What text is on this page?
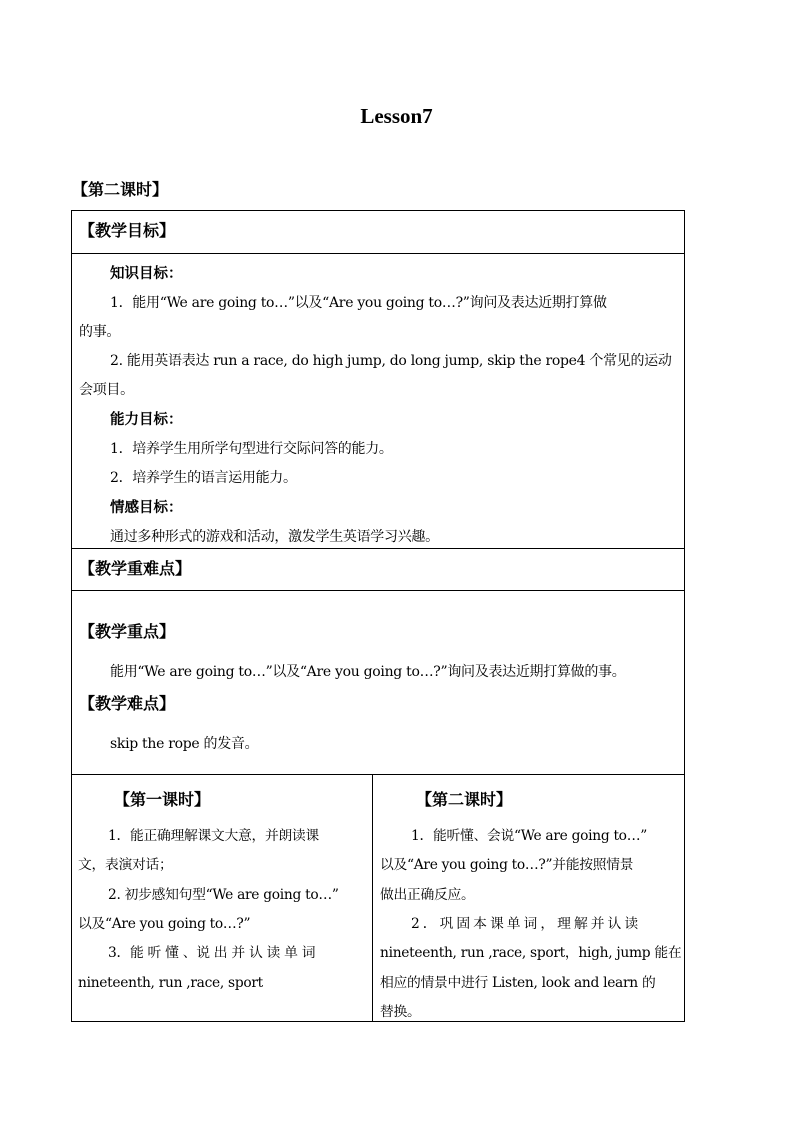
Lesson7
【第二课时】
【教学目标】
知识目标：
1．能用“We are going to…”以及“Are you going to…?”询问及表达近期打算做
的事。
2. 能用英语表达 run a race, do high jump, do long jump, skip the rope4 个常见的运动
会项目。
能力目标：
1．培养学生用所学句型进行交际问答的能力。
2．培养学生的语言运用能力。
情感目标：
通过多种形式的游戏和活动，激发学生英语学习兴趣。
【教学重难点】
【教学重点】
能用“We are going to…”以及“Are you going to…?”询问及表达近期打算做的事。
【教学难点】
skip the rope 的发音。
【第一课时】
1．能正确理解课文大意，并朗读课
文，表演对话；
2. 初步感知句型“We are going to…”
以及“Are you going to…?”
3．能 听 懂 、说 出 并 认 读 单 词
nineteenth, run ,race, sport
【第二课时】
1．能听懂、会说“We are going to…”
以及“Are you going to…?”并能按照情景
做出正确反应。
2．巩固本课单词，理解并认读
nineteenth, run ,race, sport，high, jump 能在
相应的情景中进行 Listen, look and learn 的
替换。
